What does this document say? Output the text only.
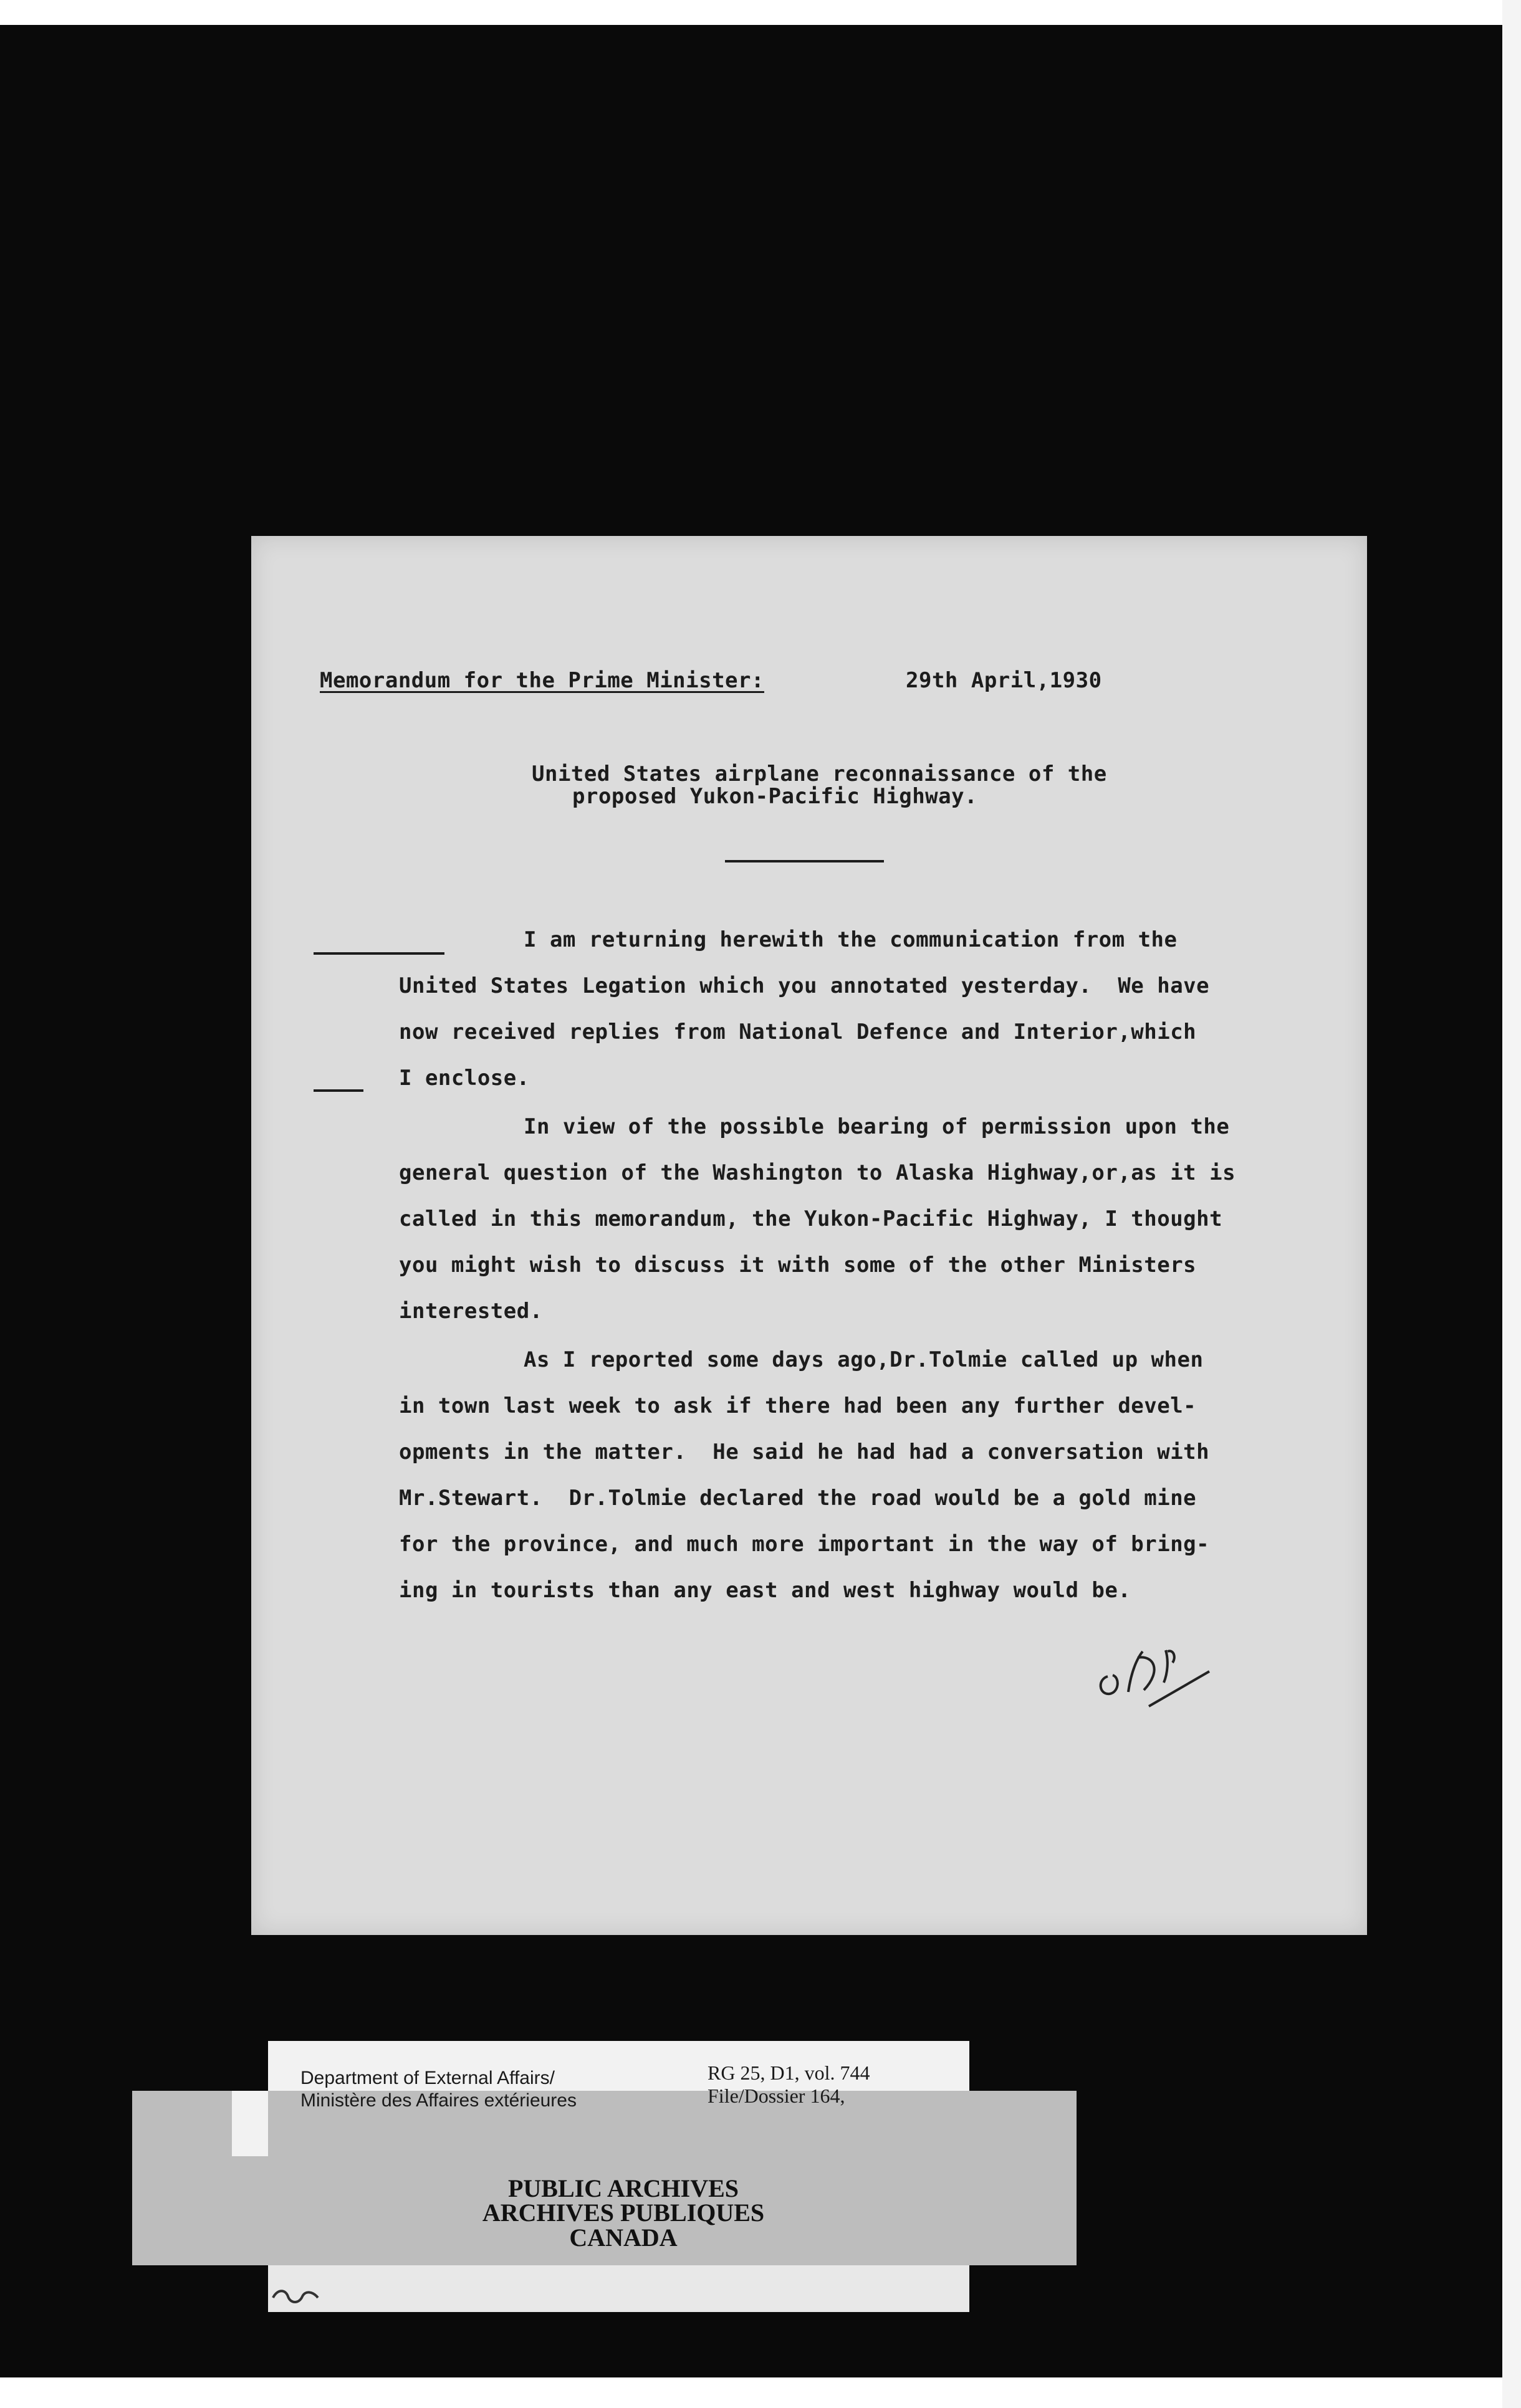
Memorandum for the Prime Minister:	29th April,1930
United States airplane reconnaissance of the
proposed Yukon-Pacific Highway.
I am returning herewith the communication from the
United States Legation which you annotated yesterday.  We have
now received replies from National Defence and Interior,which
I enclose.
In view of the possible bearing of permission upon the
general question of the Washington to Alaska Highway,or,as it is
called in this memorandum, the Yukon-Pacific Highway, I thought
you might wish to discuss it with some of the other Ministers
interested.
As I reported some days ago,Dr.Tolmie called up when
in town last week to ask if there had been any further devel-
opments in the matter.  He said he had had a conversation with
Mr.Stewart.  Dr.Tolmie declared the road would be a gold mine
for the province, and much more important in the way of bring-
ing in tourists than any east and west highway would be.
Department of External Affairs/
Ministère des Affaires extérieures
RG 25, D1, vol. 744
File/Dossier 164,
PUBLIC ARCHIVES
ARCHIVES PUBLIQUES
CANADA
